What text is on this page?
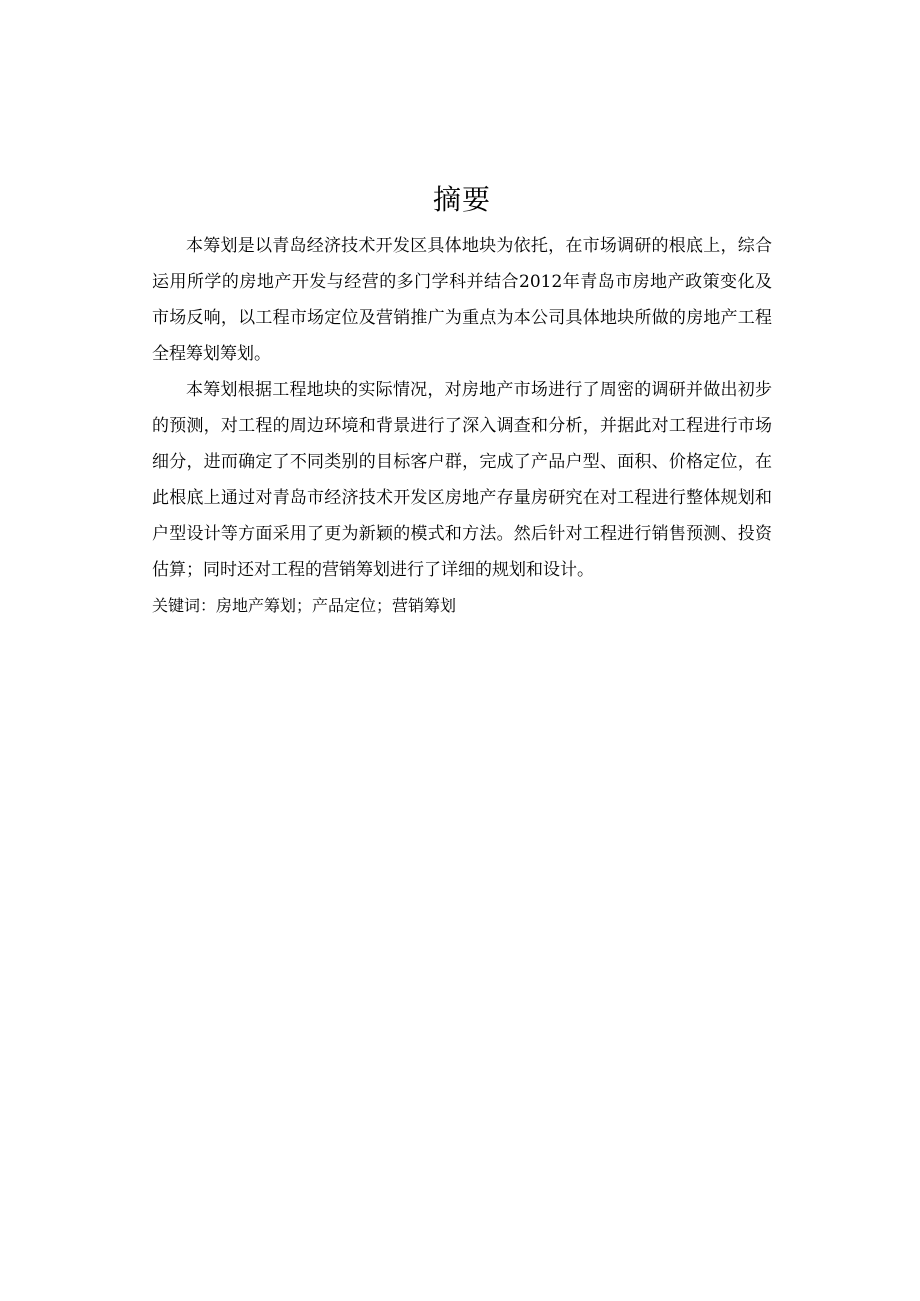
摘要

本筹划是以青岛经济技术开发区具体地块为依托，在市场调研的根底上，综合运用所学的房地产开发与经营的多门学科并结合2012年青岛市房地产政策变化及市场反响，以工程市场定位及营销推广为重点为本公司具体地块所做的房地产工程全程筹划筹划。

本筹划根据工程地块的实际情况，对房地产市场进行了周密的调研并做出初步的预测，对工程的周边环境和背景进行了深入调查和分析，并据此对工程进行市场细分，进而确定了不同类别的目标客户群，完成了产品户型、面积、价格定位，在此根底上通过对青岛市经济技术开发区房地产存量房研究在对工程进行整体规划和户型设计等方面采用了更为新颖的模式和方法。然后针对工程进行销售预测、投资估算；同时还对工程的营销筹划进行了详细的规划和设计。

关键词：房地产筹划；产品定位；营销筹划
